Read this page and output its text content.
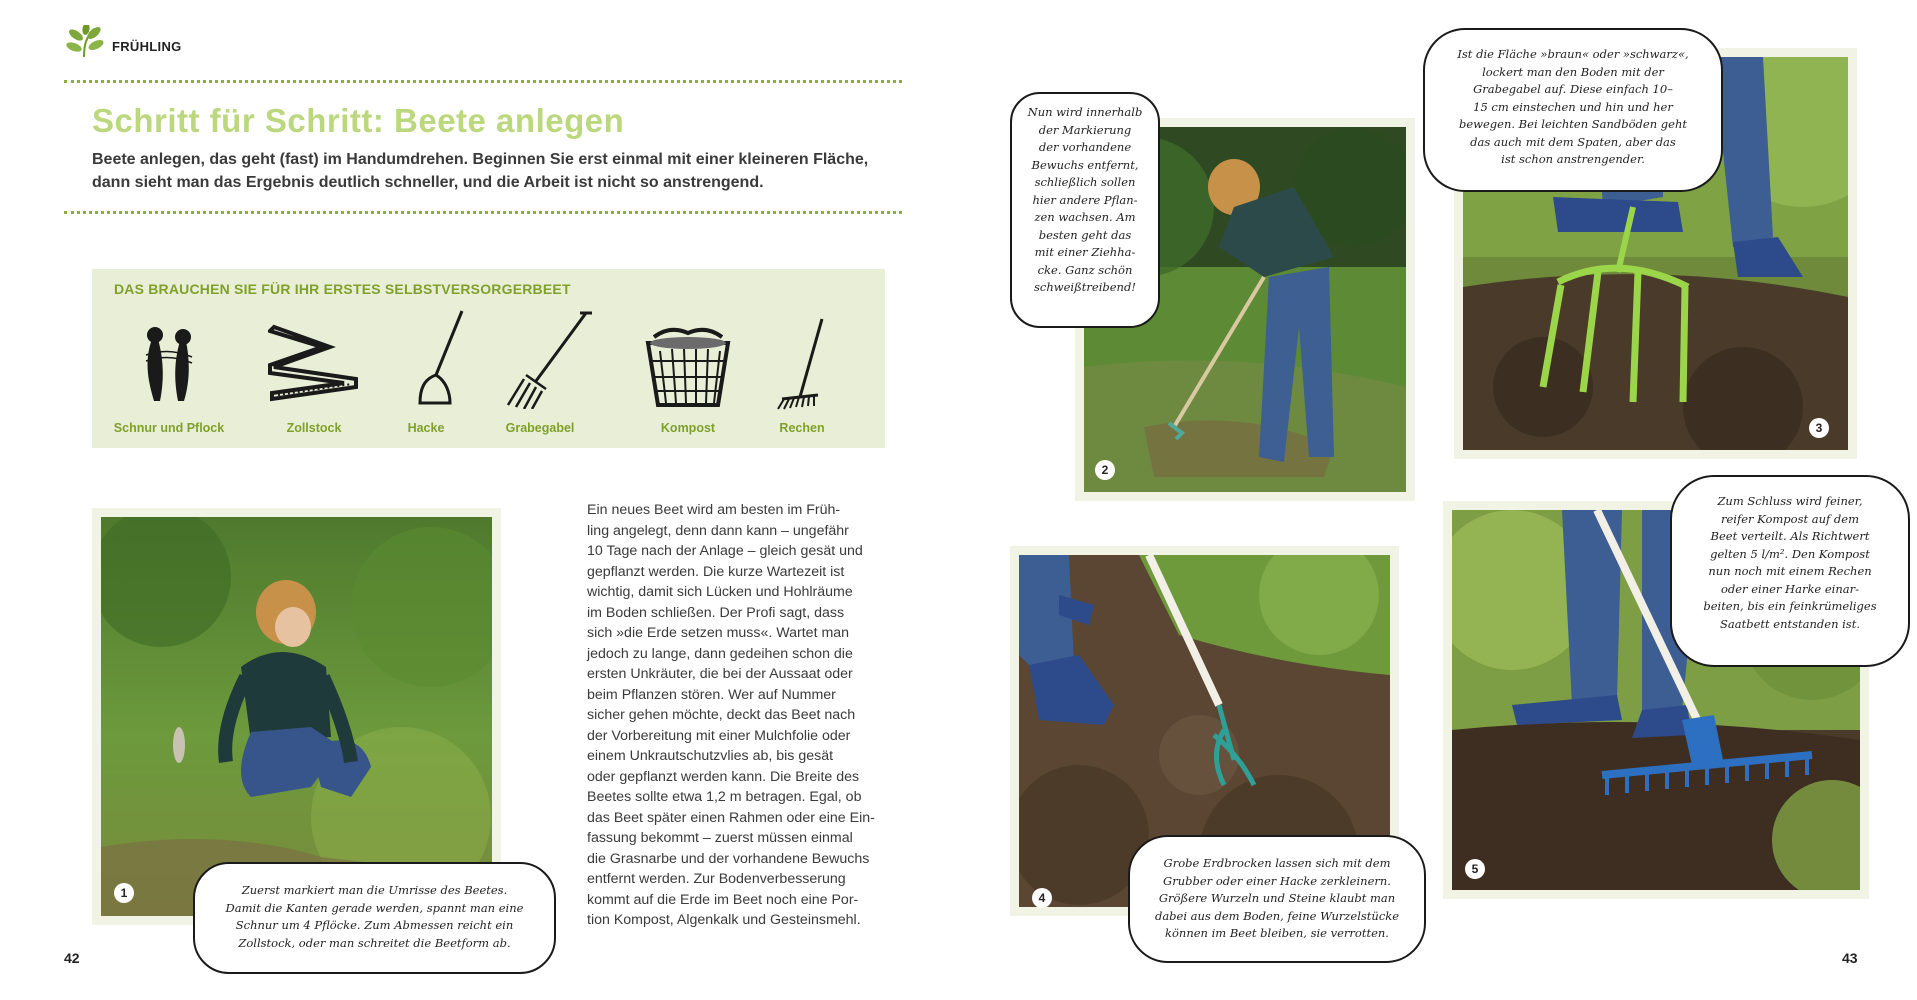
FRÜHLING
Schritt für Schritt: Beete anlegen
Beete anlegen, das geht (fast) im Handumdrehen. Beginnen Sie erst einmal mit einer kleineren Fläche, dann sieht man das Ergebnis deutlich schneller, und die Arbeit ist nicht so anstrengend.
DAS BRAUCHEN SIE FÜR IHR ERSTES SELBSTVERSORGERBEET
Schnur und Pflock	Zollstock	Hacke	Grabegabel	Kompost	Rechen
1	Zuerst markiert man die Umrisse des Beetes.
Damit die Kanten gerade werden, spannt man eine
Schnur um 4 Pflöcke. Zum Abmessen reicht ein
Zollstock, oder man schreitet die Beetform ab.
Ein neues Beet wird am besten im Früh-
ling angelegt, denn dann kann – ungefähr
10 Tage nach der Anlage – gleich gesät und
gepflanzt werden. Die kurze Wartezeit ist
wichtig, damit sich Lücken und Hohlräume
im Boden schließen. Der Profi sagt, dass
sich »die Erde setzen muss«. Wartet man
jedoch zu lange, dann gedeihen schon die
ersten Unkräuter, die bei der Aussaat oder
beim Pflanzen stören. Wer auf Nummer
sicher gehen möchte, deckt das Beet nach
der Vorbereitung mit einer Mulchfolie oder
einem Unkrautschutzvlies ab, bis gesät
oder gepflanzt werden kann. Die Breite des
Beetes sollte etwa 1,2 m betragen. Egal, ob
das Beet später einen Rahmen oder eine Ein-
fassung bekommt – zuerst müssen einmal
die Grasnarbe und der vorhandene Bewuchs
entfernt werden. Zur Bodenverbesserung
kommt auf die Erde im Beet noch eine Por-
tion Kompost, Algenkalk und Gesteinsmehl.
42
2
Nun wird innerhalb
der Markierung
der vorhandene
Bewuchs entfernt,
schließlich sollen
hier andere Pflan-
zen wachsen. Am
besten geht das
mit einer Ziehha-
cke. Ganz schön
schweißtreibend!
3
Ist die Fläche »braun« oder »schwarz«,
lockert man den Boden mit der
Grabegabel auf. Diese einfach 10–
15 cm einstechen und hin und her
bewegen. Bei leichten Sandböden geht
das auch mit dem Spaten, aber das
ist schon anstrengender.
4
Grobe Erdbrocken lassen sich mit dem
Grubber oder einer Hacke zerkleinern.
Größere Wurzeln und Steine klaubt man
dabei aus dem Boden, feine Wurzelstücke
können im Beet bleiben, sie verrotten.
5
Zum Schluss wird feiner,
reifer Kompost auf dem
Beet verteilt. Als Richtwert
gelten 5 l/m². Den Kompost
nun noch mit einem Rechen
oder einer Harke einar-
beiten, bis ein feinkrümeliges
Saatbett entstanden ist.
43
